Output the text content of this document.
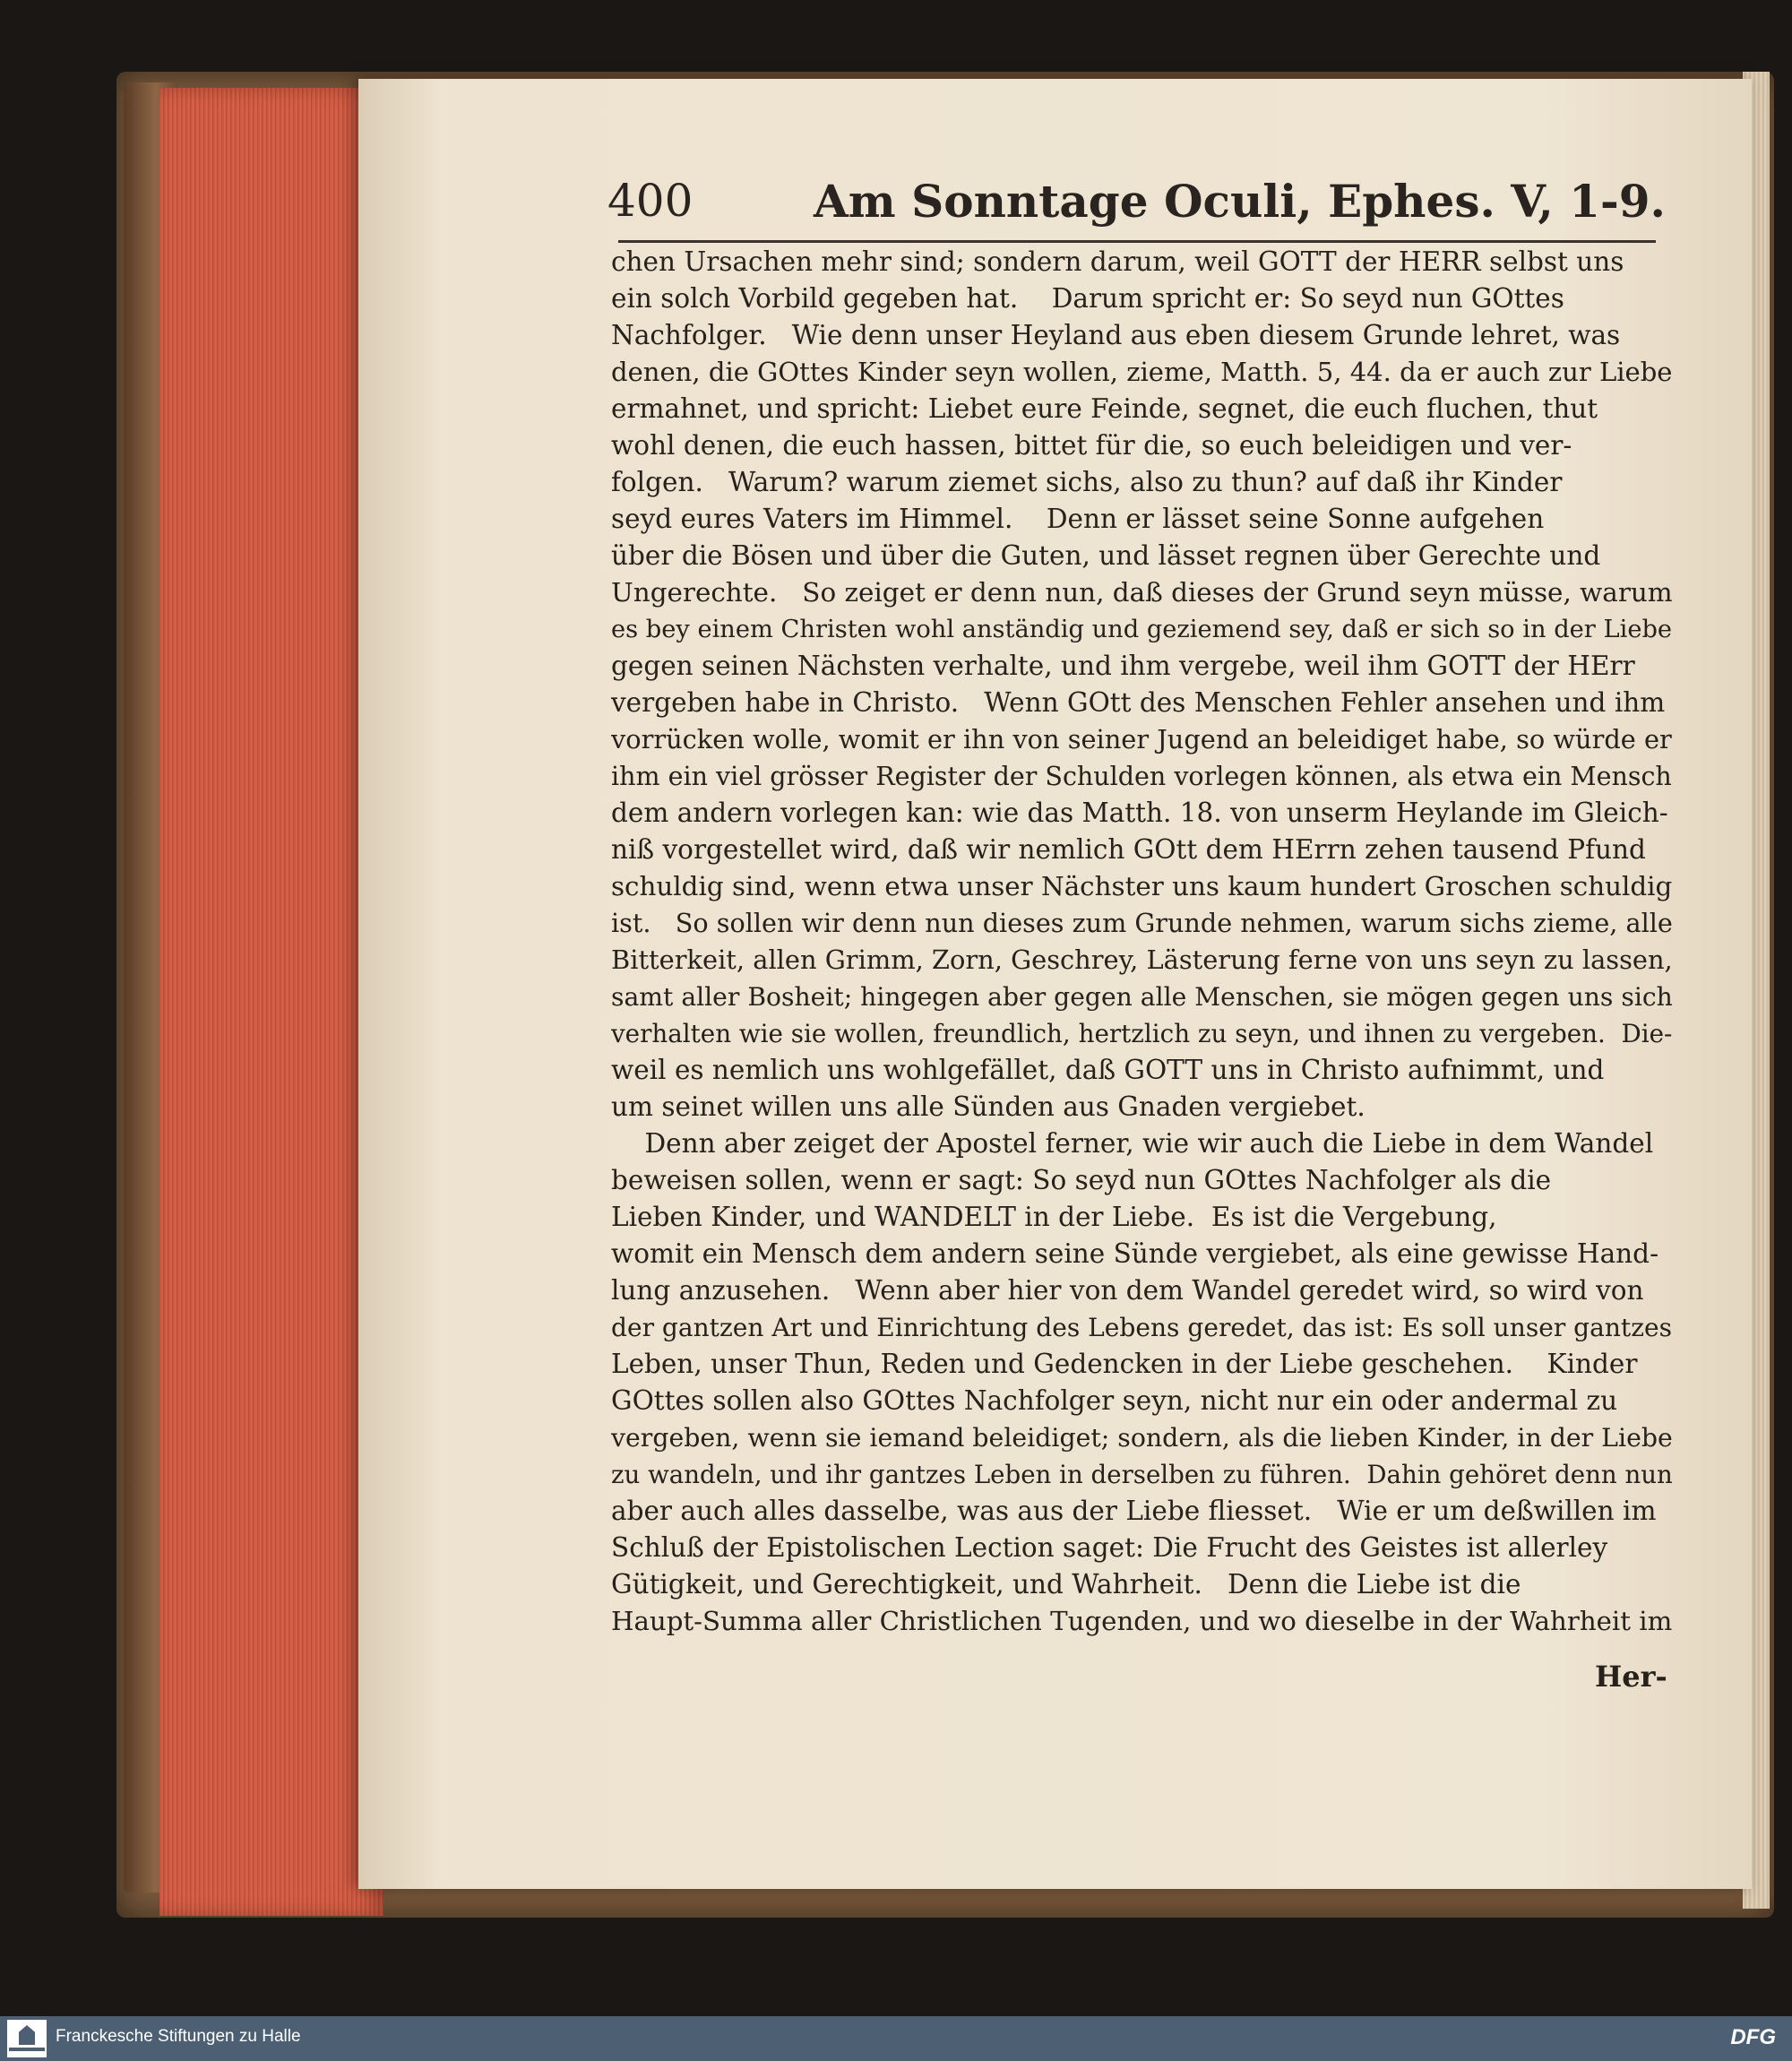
400	Am Sonntage Oculi, Ephes. V, 1-9.
chen Ursachen mehr sind; sondern darum, weil GOTT der HERR selbst uns
ein solch Vorbild gegeben hat.    Darum spricht er: So seyd nun GOttes
Nachfolger.   Wie denn unser Heyland aus eben diesem Grunde lehret, was
denen, die GOttes Kinder seyn wollen, zieme, Matth. 5, 44. da er auch zur Liebe
ermahnet, und spricht: Liebet eure Feinde, segnet, die euch fluchen, thut
wohl denen, die euch hassen, bittet für die, so euch beleidigen und ver-
folgen.   Warum? warum ziemet sichs, also zu thun? auf daß ihr Kinder
seyd eures Vaters im Himmel.    Denn er lässet seine Sonne aufgehen
über die Bösen und über die Guten, und lässet regnen über Gerechte und
Ungerechte.   So zeiget er denn nun, daß dieses der Grund seyn müsse, warum
es bey einem Christen wohl anständig und geziemend sey, daß er sich so in der Liebe
gegen seinen Nächsten verhalte, und ihm vergebe, weil ihm GOTT der HErr
vergeben habe in Christo.   Wenn GOtt des Menschen Fehler ansehen und ihm
vorrücken wolle, womit er ihn von seiner Jugend an beleidiget habe, so würde er
ihm ein viel grösser Register der Schulden vorlegen können, als etwa ein Mensch
dem andern vorlegen kan: wie das Matth. 18. von unserm Heylande im Gleich-
niß vorgestellet wird, daß wir nemlich GOtt dem HErrn zehen tausend Pfund
schuldig sind, wenn etwa unser Nächster uns kaum hundert Groschen schuldig
ist.   So sollen wir denn nun dieses zum Grunde nehmen, warum sichs zieme, alle
Bitterkeit, allen Grimm, Zorn, Geschrey, Lästerung ferne von uns seyn zu lassen,
samt aller Bosheit; hingegen aber gegen alle Menschen, sie mögen gegen uns sich
verhalten wie sie wollen, freundlich, hertzlich zu seyn, und ihnen zu vergeben.  Die-
weil es nemlich uns wohlgefället, daß GOTT uns in Christo aufnimmt, und
um seinet willen uns alle Sünden aus Gnaden vergiebet.
Denn aber zeiget der Apostel ferner, wie wir auch die Liebe in dem Wandel
beweisen sollen, wenn er sagt: So seyd nun GOttes Nachfolger als die
Lieben Kinder, und WANDELT in der Liebe.  Es ist die Vergebung,
womit ein Mensch dem andern seine Sünde vergiebet, als eine gewisse Hand-
lung anzusehen.   Wenn aber hier von dem Wandel geredet wird, so wird von
der gantzen Art und Einrichtung des Lebens geredet, das ist: Es soll unser gantzes
Leben, unser Thun, Reden und Gedencken in der Liebe geschehen.    Kinder
GOttes sollen also GOttes Nachfolger seyn, nicht nur ein oder andermal zu
vergeben, wenn sie iemand beleidiget; sondern, als die lieben Kinder, in der Liebe
zu wandeln, und ihr gantzes Leben in derselben zu führen.  Dahin gehöret denn nun
aber auch alles dasselbe, was aus der Liebe fliesset.   Wie er um deßwillen im
Schluß der Epistolischen Lection saget: Die Frucht des Geistes ist allerley
Gütigkeit, und Gerechtigkeit, und Wahrheit.   Denn die Liebe ist die
Haupt-Summa aller Christlichen Tugenden, und wo dieselbe in der Wahrheit im
Her-
Franckesche Stiftungen zu Halle	DFG
